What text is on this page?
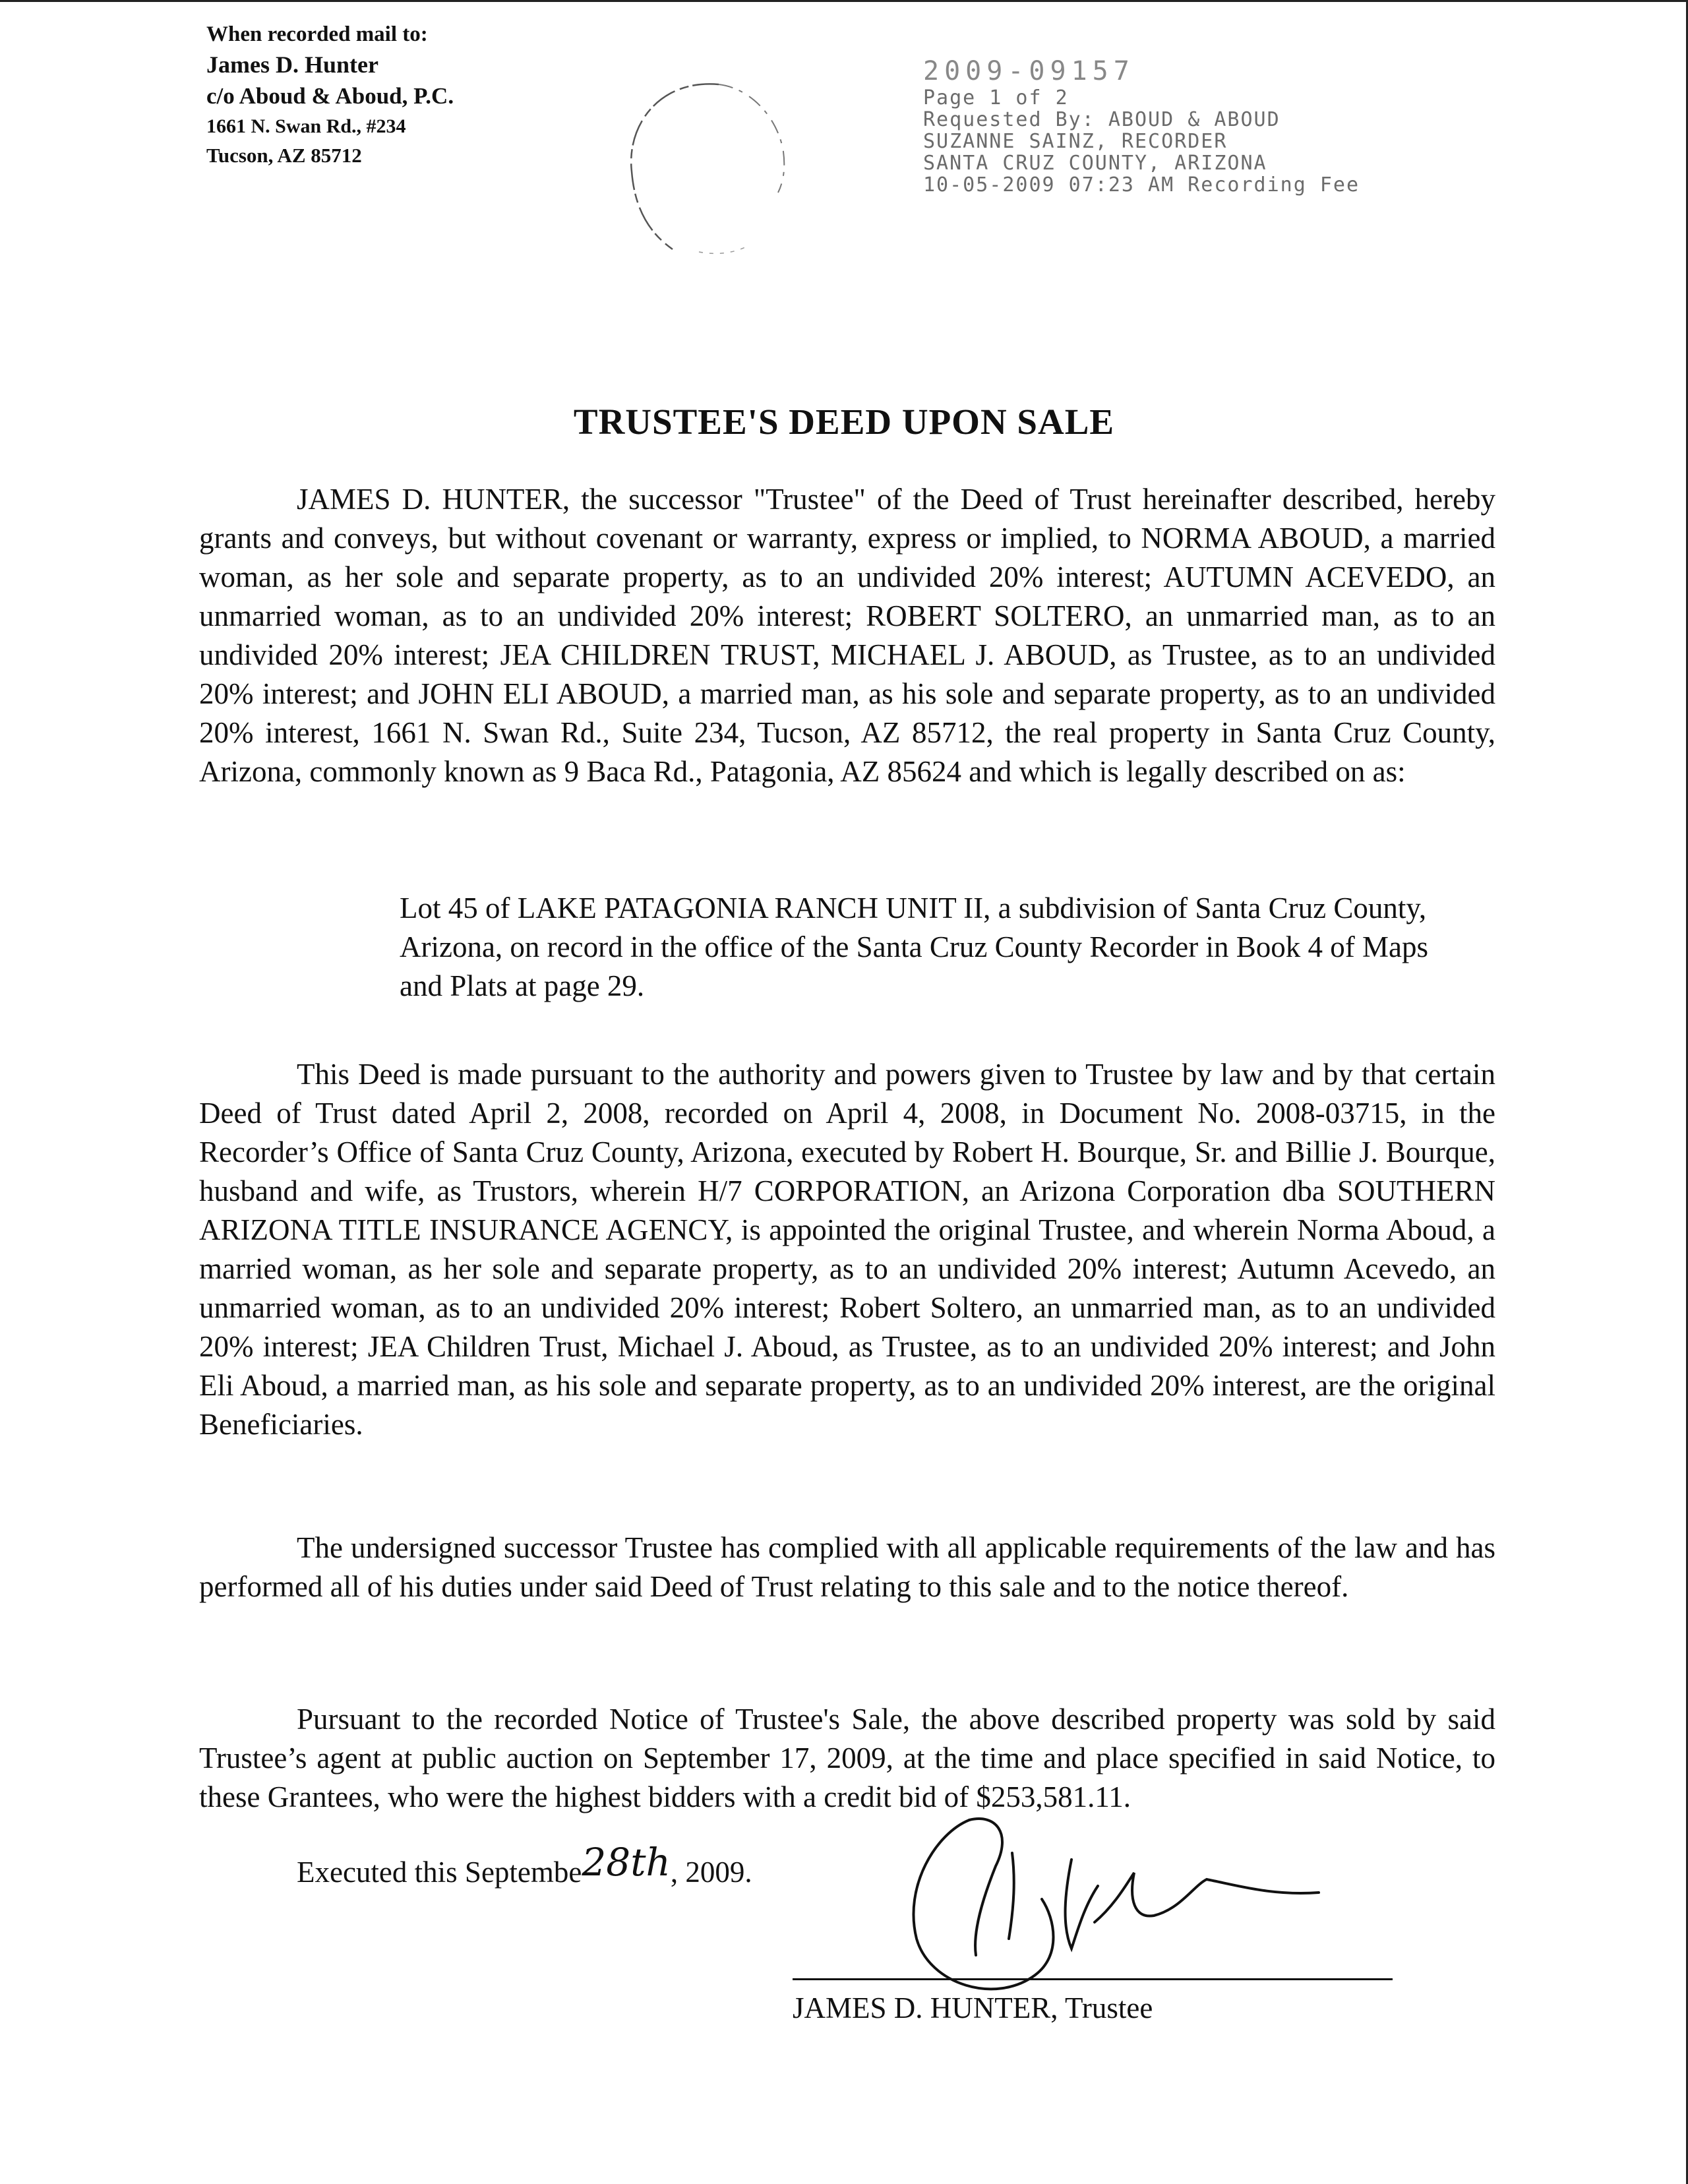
When recorded mail to:
James D. Hunter
c/o Aboud & Aboud, P.C.
1661 N. Swan Rd., #234
Tucson, AZ 85712
2009-09157
Page 1 of 2
Requested By: ABOUD & ABOUD
SUZANNE SAINZ, RECORDER
SANTA CRUZ COUNTY, ARIZONA
10-05-2009 07:23 AM Recording Fee
TRUSTEE'S DEED UPON SALE
JAMES D. HUNTER, the successor "Trustee" of the Deed of Trust hereinafter described, hereby grants and conveys, but without covenant or warranty, express or implied, to NORMA ABOUD, a married woman, as her sole and separate property, as to an undivided 20% interest; AUTUMN ACEVEDO, an unmarried woman, as to an undivided 20% interest; ROBERT SOLTERO, an unmarried man, as to an undivided 20% interest; JEA CHILDREN TRUST, MICHAEL J. ABOUD, as Trustee, as to an undivided 20% interest; and JOHN ELI ABOUD, a married man, as his sole and separate property, as to an undivided 20% interest, 1661 N. Swan Rd., Suite 234, Tucson, AZ 85712, the real property in Santa Cruz County, Arizona, commonly known as 9 Baca Rd., Patagonia, AZ 85624 and which is legally described on as:
Lot 45 of LAKE PATAGONIA RANCH UNIT II, a subdivision of Santa Cruz County, Arizona, on record in the office of the Santa Cruz County Recorder in Book 4 of Maps and Plats at page 29.
This Deed is made pursuant to the authority and powers given to Trustee by law and by that certain Deed of Trust dated April 2, 2008, recorded on April 4, 2008, in Document No. 2008-03715, in the Recorder’s Office of Santa Cruz County, Arizona, executed by Robert H. Bourque, Sr. and Billie J. Bourque, husband and wife, as Trustors, wherein H/7 CORPORATION, an Arizona Corporation dba SOUTHERN ARIZONA TITLE INSURANCE AGENCY, is appointed the original Trustee, and wherein Norma Aboud, a married woman, as her sole and separate property, as to an undivided 20% interest; Autumn Acevedo, an unmarried woman, as to an undivided 20% interest; Robert Soltero, an unmarried man, as to an undivided 20% interest; JEA Children Trust, Michael J. Aboud, as Trustee, as to an undivided 20% interest; and John Eli Aboud, a married man, as his sole and separate property, as to an undivided 20% interest, are the original Beneficiaries.
The undersigned successor Trustee has complied with all applicable requirements of the law and has performed all of his duties under said Deed of Trust relating to this sale and to the notice thereof.
Pursuant to the recorded Notice of Trustee's Sale, the above described property was sold by said Trustee’s agent at public auction on September 17, 2009, at the time and place specified in said Notice, to these Grantees, who were the highest bidders with a credit bid of $253,581.11.
Executed this Septembe28th, 2009.
JAMES D. HUNTER, Trustee
